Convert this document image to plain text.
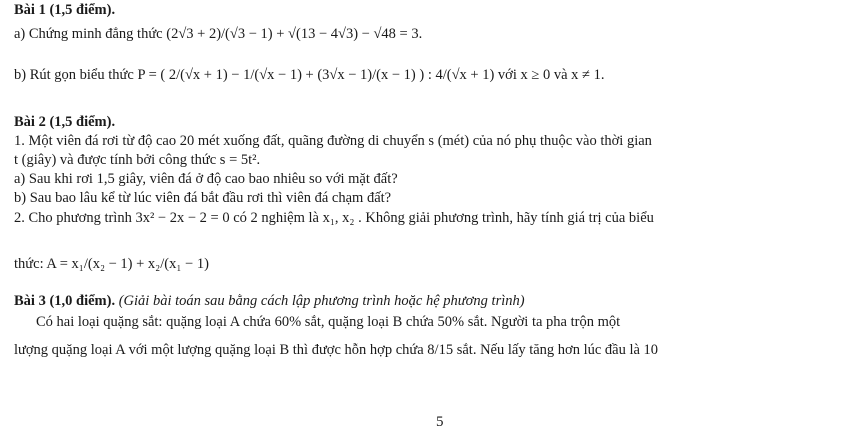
Bài 1 (1,5 điểm).
a) Chứng minh đẳng thức (2√3 + 2)/(√3 − 1) + √(13 − 4√3) − √48 = 3.
b) Rút gọn biểu thức P = ( 2/(√x + 1) − 1/(√x − 1) + (3√x − 1)/(x − 1) ) : 4/(√x + 1) với x ≥ 0 và x ≠ 1.
Bài 2 (1,5 điểm).
1. Một viên đá rơi từ độ cao 20 mét xuống đất, quãng đường di chuyển s (mét) của nó phụ thuộc vào thời gian
t (giây) và được tính bởi công thức s = 5t².
a) Sau khi rơi 1,5 giây, viên đá ở độ cao bao nhiêu so với mặt đất?
b) Sau bao lâu kể từ lúc viên đá bắt đầu rơi thì viên đá chạm đất?
2. Cho phương trình 3x² − 2x − 2 = 0 có 2 nghiệm là x₁, x₂ . Không giải phương trình, hãy tính giá trị của biểu
thức: A = x₁/(x₂ − 1) + x₂/(x₁ − 1)
Bài 3 (1,0 điểm). (Giải bài toán sau bằng cách lập phương trình hoặc hệ phương trình)
Có hai loại quặng sắt: quặng loại A chứa 60% sắt, quặng loại B chứa 50% sắt. Người ta pha trộn một
lượng quặng loại A với một lượng quặng loại B thì được hỗn hợp chứa 8/15 sắt. Nếu lấy tăng hơn lúc đầu là 10
5
